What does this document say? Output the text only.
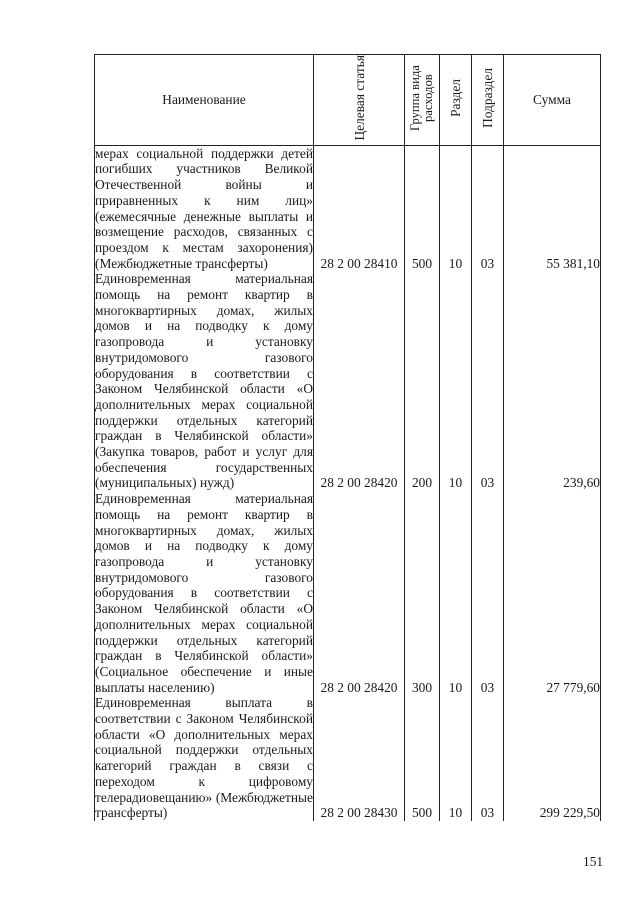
Наименование	Целевая статья	Группа вида расходов	Раздел	Подраздел	Сумма
мерах социальной поддержки детей погибших участников Великой Отечественной войны и приравненных к ним лиц» (ежемесячные денежные выплаты и возмещение расходов, связанных с проездом к местам захоронения) (Межбюджетные трансферты)	28 2 00 28410	500	10	03	55 381,10
Единовременная материальная помощь на ремонт квартир в многоквартирных домах, жилых домов и на подводку к дому газопровода и установку внутридомового газового оборудования в соответствии с Законом Челябинской области «О дополнительных мерах социальной поддержки отдельных категорий граждан в Челябинской области» (Закупка товаров, работ и услуг для обеспечения государственных (муниципальных) нужд)	28 2 00 28420	200	10	03	239,60
Единовременная материальная помощь на ремонт квартир в многоквартирных домах, жилых домов и на подводку к дому газопровода и установку внутридомового газового оборудования в соответствии с Законом Челябинской области «О дополнительных мерах социальной поддержки отдельных категорий граждан в Челябинской области» (Социальное обеспечение и иные выплаты населению)	28 2 00 28420	300	10	03	27 779,60
Единовременная выплата в соответствии с Законом Челябинской области «О дополнительных мерах социальной поддержки отдельных категорий граждан в связи с переходом к цифровому телерадиовещанию» (Межбюджетные трансферты)	28 2 00 28430	500	10	03	299 229,50
151
